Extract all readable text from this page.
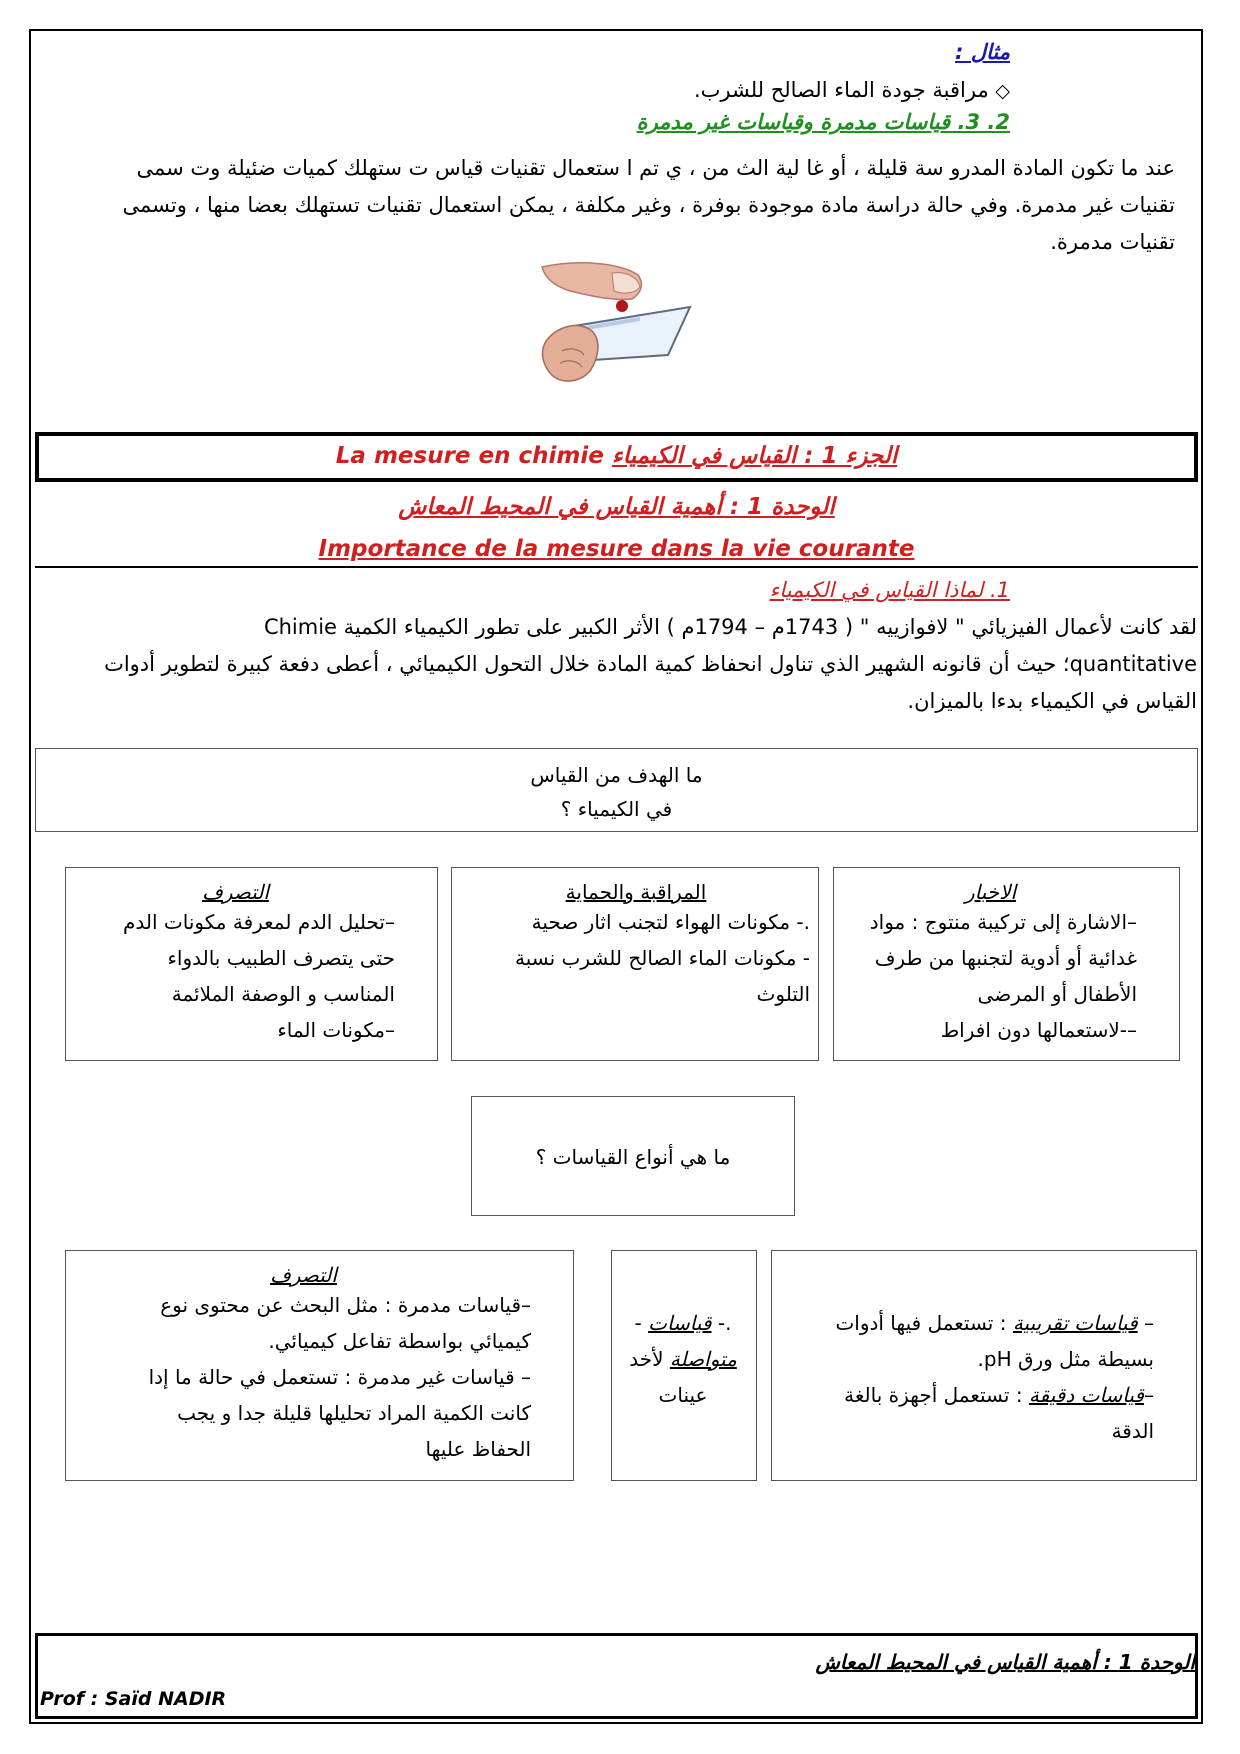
مثال :
◇ مراقبة جودة الماء الصالح للشرب.
2. 3. قياسات مدمرة وقياسات غير مدمرة
عند ما تكون المادة المدرو سة قليلة ، أو غا لية الث من ، ي تم ا ستعمال تقنيات قياس ت ستهلك كميات ضئيلة وت سمى
تقنيات غير مدمرة. وفي حالة دراسة مادة موجودة بوفرة ، وغير مكلفة ، يمكن استعمال تقنيات تستهلك بعضا منها ، وتسمى
تقنيات مدمرة.
La mesure en chimie الجزء 1 : القياس في الكيمياء
الوحدة 1 : أهمية القياس في المحيط المعاش
Importance de la mesure dans la vie courante
1. لماذا القياس في الكيمياء
لقد كانت لأعمال الفيزيائي " لافوازييه " ( 1743م – 1794م ) الأثر الكبير على تطور الكيمياء الكمية Chimie
quantitative؛ حيث أن قانونه الشهير الذي تناول انحفاظ كمية المادة خلال التحول الكيميائي ، أعطى دفعة كبيرة لتطوير أدوات
القياس في الكيمياء بدءا بالميزان.
ما الهدف من القياس
في الكيمياء ؟
التصرف
–تحليل الدم لمعرفة مكونات الدم
حتى يتصرف الطبيب بالدواء
المناسب و الوصفة الملائمة
–مكونات الماء
المراقبة والحماية
.- مكونات الهواء لتجنب اثار صحية
- مكونات الماء الصالح للشرب نسبة
التلوث
الاخبار
–الاشارة إلى تركيبة منتوج : مواد
غدائية أو أدوية لتجنبها من طرف
الأطفال أو المرضى
–-لاستعمالها دون افراط
ما هي أنواع القياسات ؟
التصرف
–قياسات مدمرة : مثل البحث عن محتوى نوع
كيميائي بواسطة تفاعل كيميائي.
– قياسات غير مدمرة : تستعمل في حالة ما إدا
كانت الكمية المراد تحليلها قليلة جدا و يجب
الحفاظ عليها
.- قياسات -
متواصلة لأخد
عينات
– قياسات تقريبية : تستعمل فيها أدوات
بسيطة مثل ورق pH.
–قياسات دقيقة : تستعمل أجهزة بالغة
الدقة
الوحدة 1 : أهمية القياس في المحيط المعاش
Prof : Saïd NADIR
